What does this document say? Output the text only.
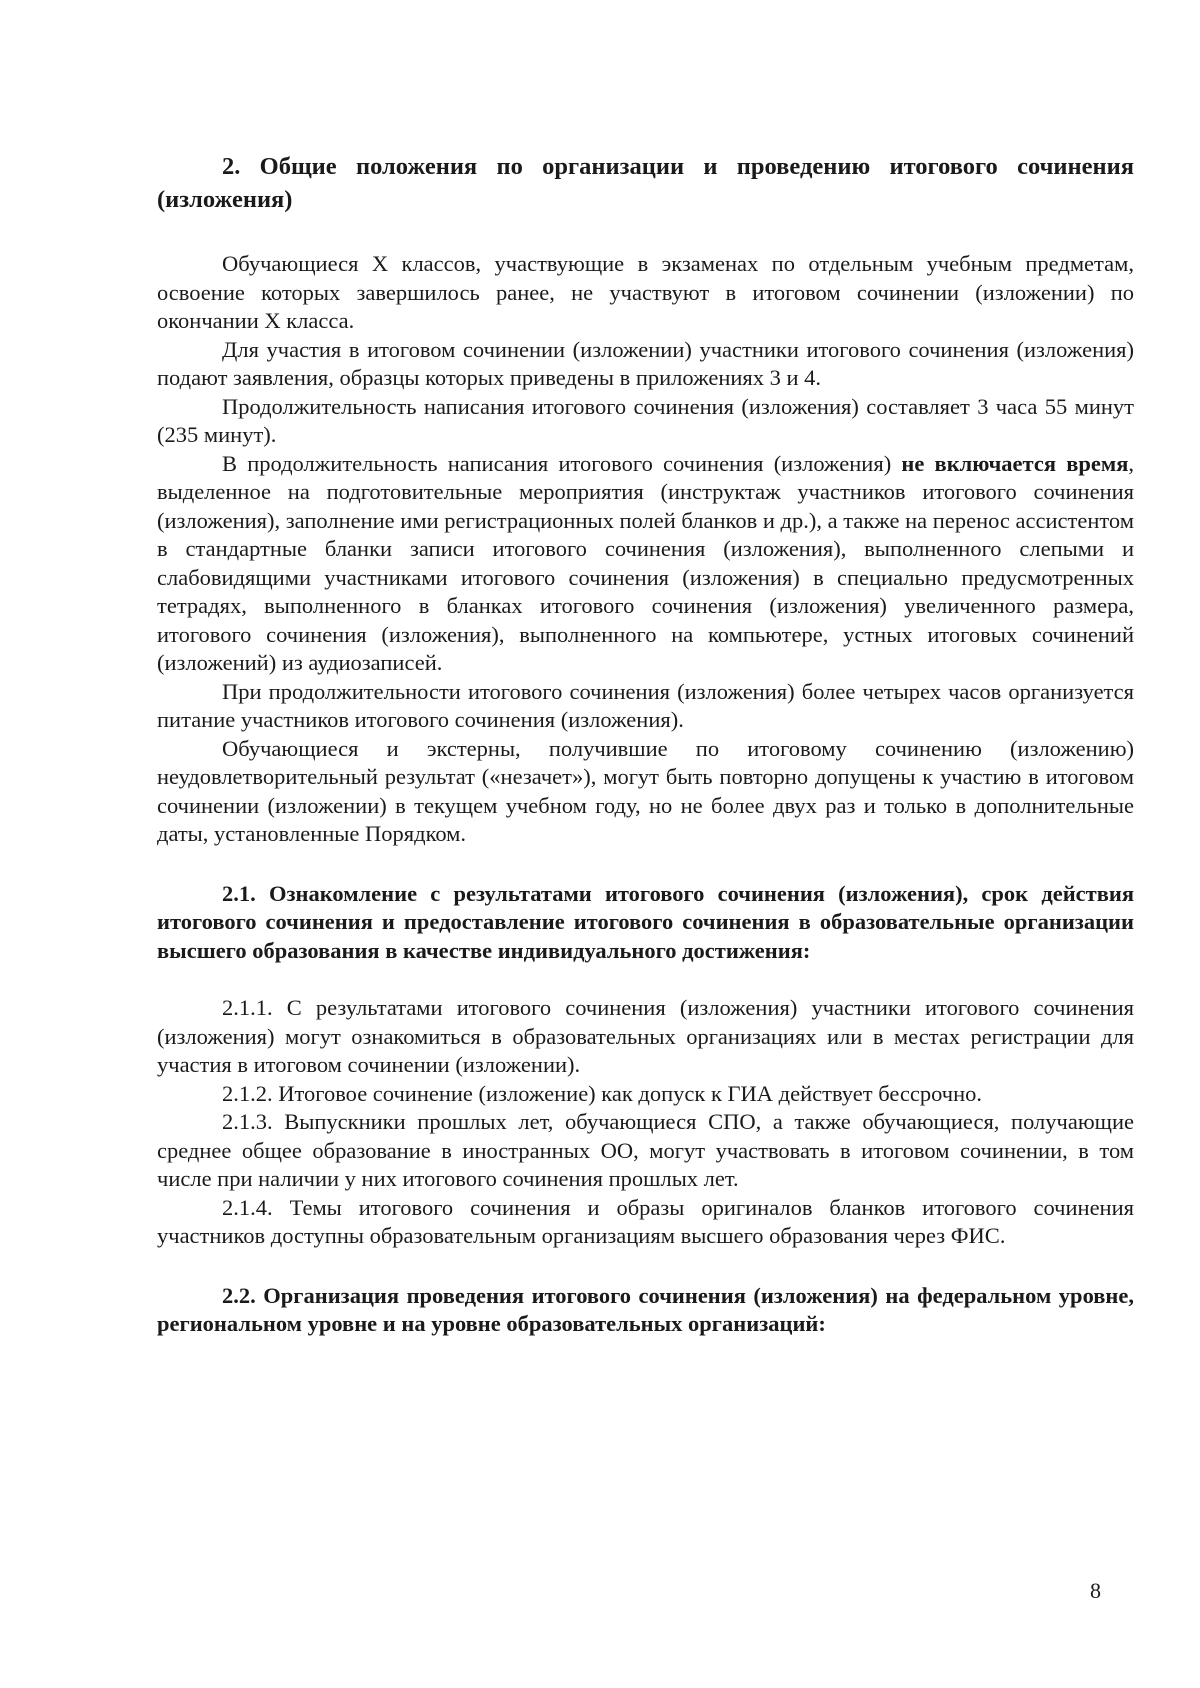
2. Общие положения по организации и проведению итогового сочинения (изложения)

Обучающиеся X классов, участвующие в экзаменах по отдельным учебным предметам, освоение которых завершилось ранее, не участвуют в итоговом сочинении (изложении) по окончании X класса.

Для участия в итоговом сочинении (изложении) участники итогового сочинения (изложения) подают заявления, образцы которых приведены в приложениях 3 и 4.

Продолжительность написания итогового сочинения (изложения) составляет 3 часа 55 минут (235 минут).

В продолжительность написания итогового сочинения (изложения) не включается время, выделенное на подготовительные мероприятия (инструктаж участников итогового сочинения (изложения), заполнение ими регистрационных полей бланков и др.), а также на перенос ассистентом в стандартные бланки записи итогового сочинения (изложения), выполненного слепыми и слабовидящими участниками итогового сочинения (изложения) в специально предусмотренных тетрадях, выполненного в бланках итогового сочинения (изложения) увеличенного размера, итогового сочинения (изложения), выполненного на компьютере, устных итоговых сочинений (изложений) из аудиозаписей.

При продолжительности итогового сочинения (изложения) более четырех часов организуется питание участников итогового сочинения (изложения).

Обучающиеся и экстерны, получившие по итоговому сочинению (изложению) неудовлетворительный результат («незачет»), могут быть повторно допущены к участию в итоговом сочинении (изложении) в текущем учебном году, но не более двух раз и только в дополнительные даты, установленные Порядком.

2.1. Ознакомление с результатами итогового сочинения (изложения), срок действия итогового сочинения и предоставление итогового сочинения в образовательные организации высшего образования в качестве индивидуального достижения:

2.1.1. С результатами итогового сочинения (изложения) участники итогового сочинения (изложения) могут ознакомиться в образовательных организациях или в местах регистрации для участия в итоговом сочинении (изложении).

2.1.2. Итоговое сочинение (изложение) как допуск к ГИА действует бессрочно.

2.1.3. Выпускники прошлых лет, обучающиеся СПО, а также обучающиеся, получающие среднее общее образование в иностранных ОО, могут участвовать в итоговом сочинении, в том числе при наличии у них итогового сочинения прошлых лет.

2.1.4. Темы итогового сочинения и образы оригиналов бланков итогового сочинения участников доступны образовательным организациям высшего образования через ФИС.

2.2. Организация проведения итогового сочинения (изложения) на федеральном уровне, региональном уровне и на уровне образовательных организаций:

8
